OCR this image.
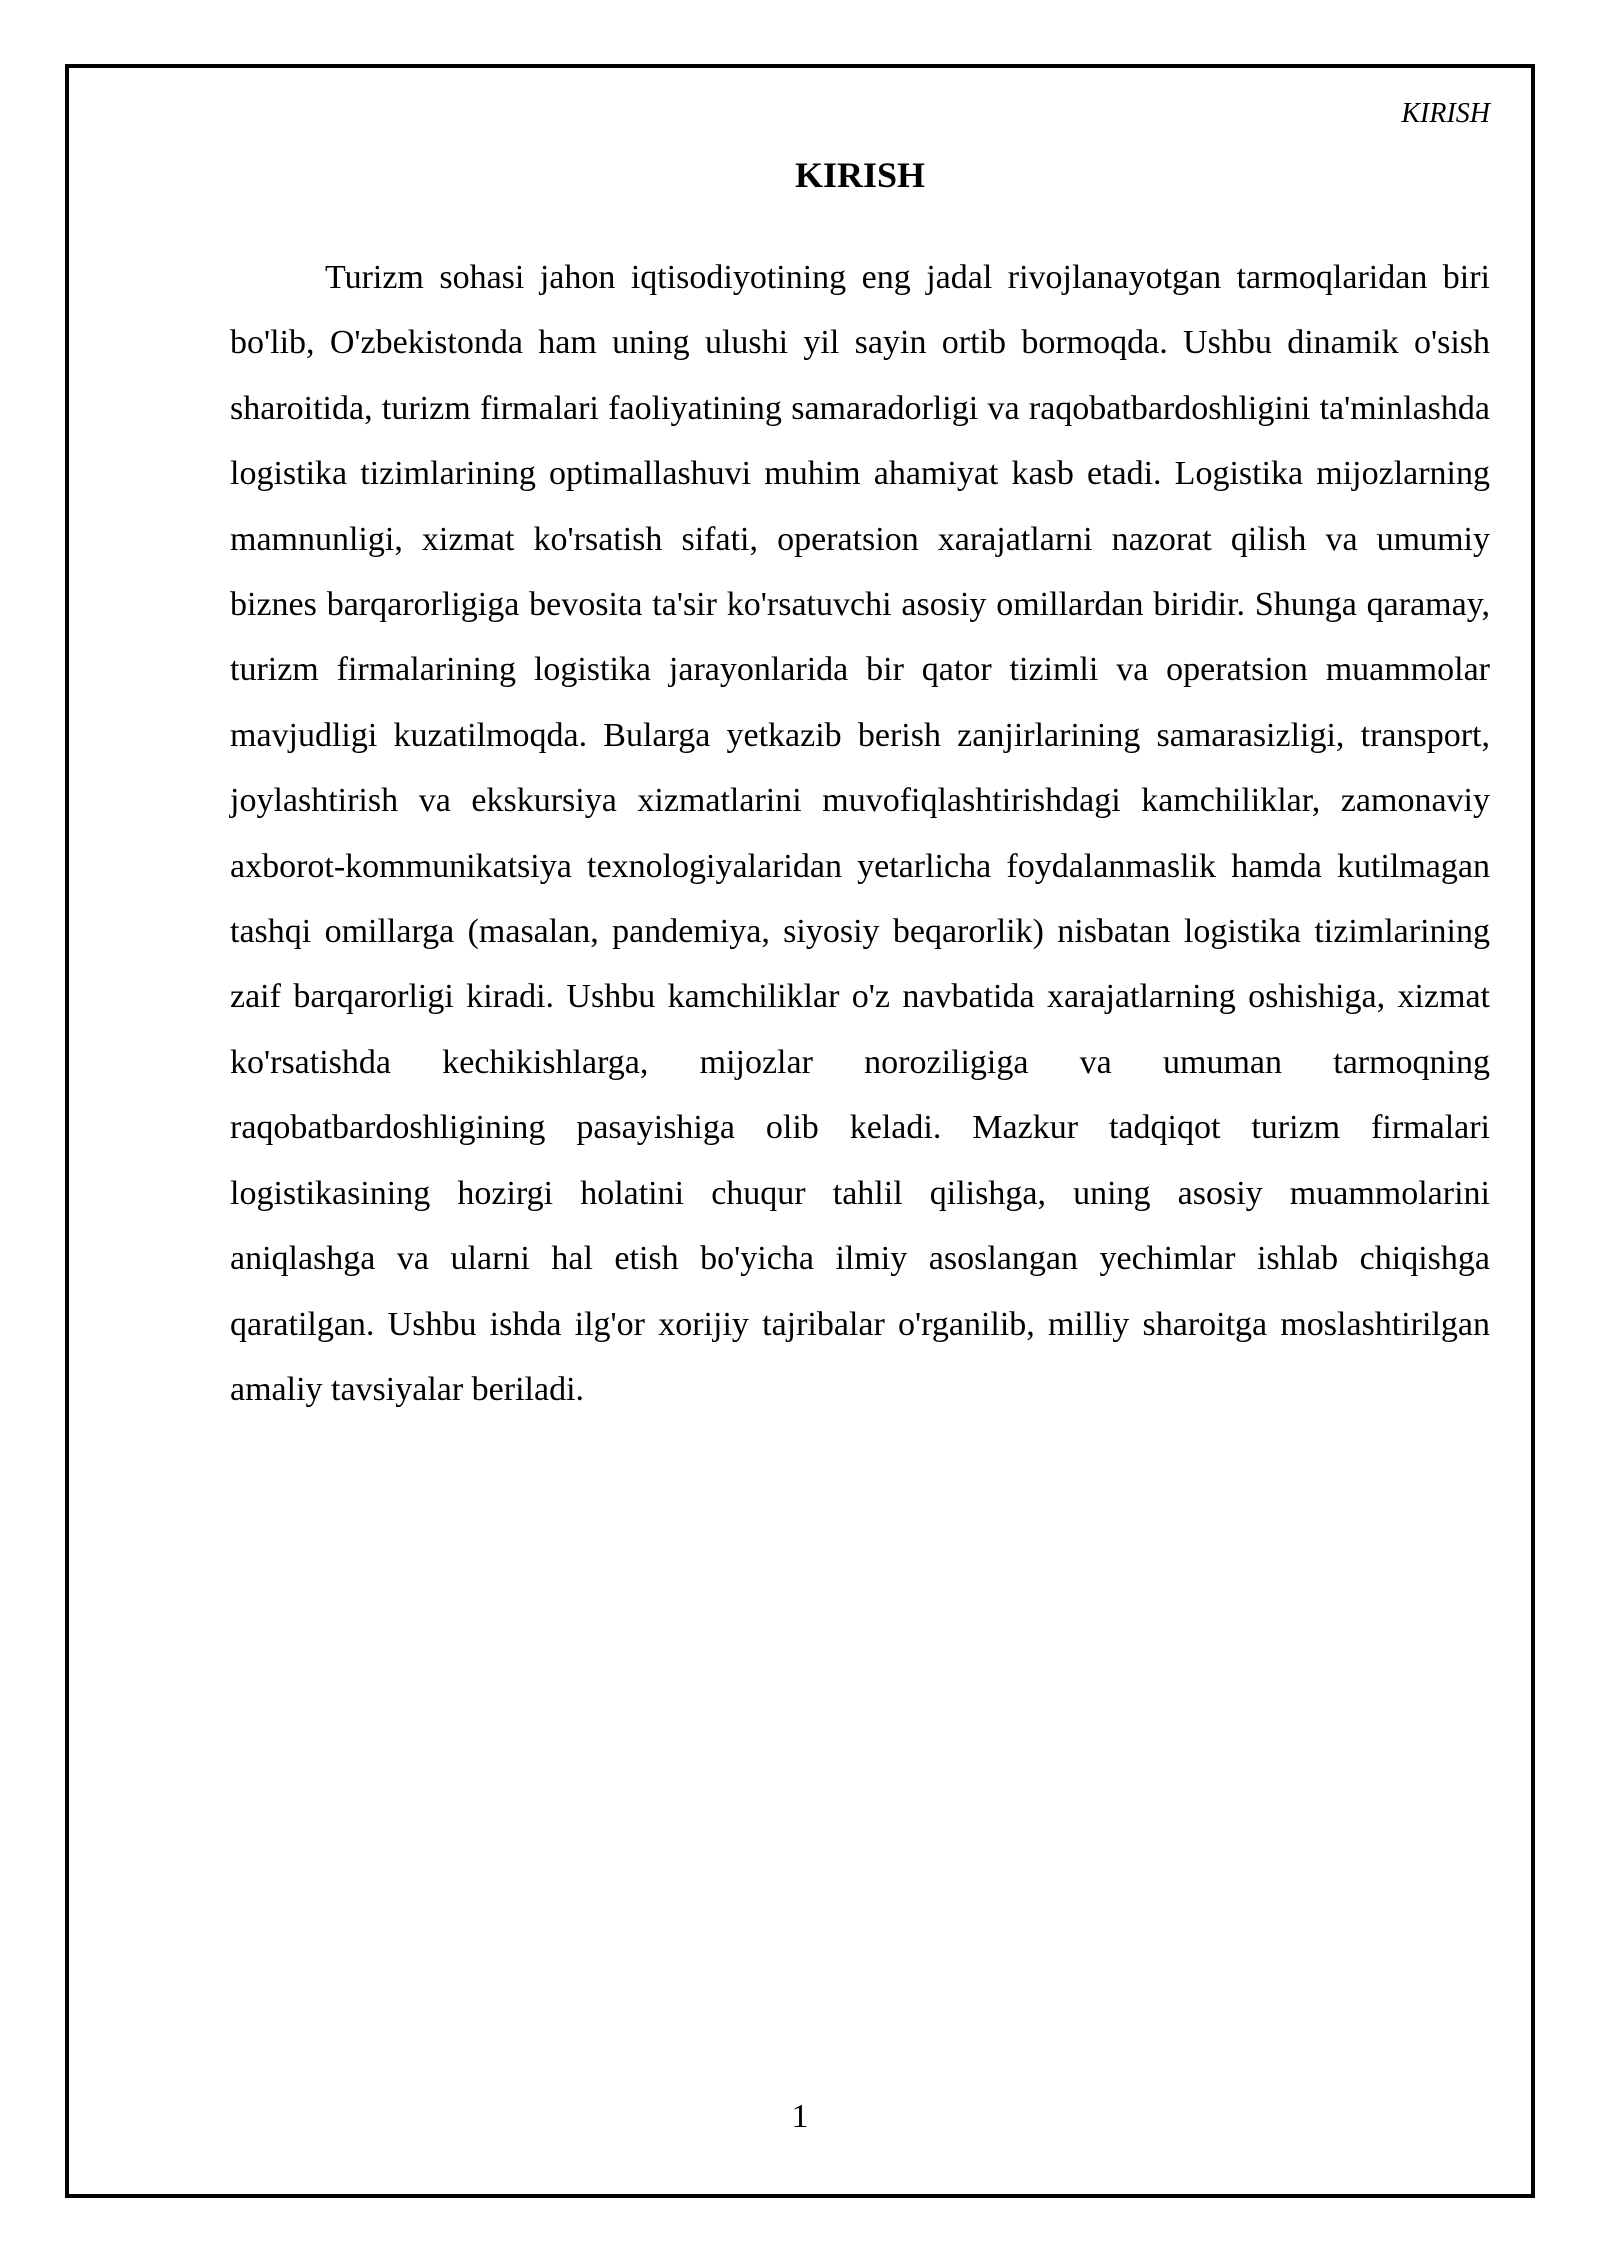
KIRISH
KIRISH

Turizm sohasi jahon iqtisodiyotining eng jadal rivojlanayotgan tarmoqlaridan biri bo'lib, O'zbekistonda ham uning ulushi yil sayin ortib bormoqda. Ushbu dinamik o'sish sharoitida, turizm firmalari faoliyatining samaradorligi va raqobatbardoshligini ta'minlashda logistika tizimlarining optimallashuvi muhim ahamiyat kasb etadi. Logistika mijozlarning mamnunligi, xizmat ko'rsatish sifati, operatsion xarajatlarni nazorat qilish va umumiy biznes barqarorligiga bevosita ta'sir ko'rsatuvchi asosiy omillardan biridir. Shunga qaramay, turizm firmalarining logistika jarayonlarida bir qator tizimli va operatsion muammolar mavjudligi kuzatilmoqda. Bularga yetkazib berish zanjirlarining samarasizligi, transport, joylashtirish va ekskursiya xizmatlarini muvofiqlashtirishdagi kamchiliklar, zamonaviy axborot-kommunikatsiya texnologiyalaridan yetarlicha foydalanmaslik hamda kutilmagan tashqi omillarga (masalan, pandemiya, siyosiy beqarorlik) nisbatan logistika tizimlarining zaif barqarorligi kiradi. Ushbu kamchiliklar o'z navbatida xarajatlarning oshishiga, xizmat ko'rsatishda kechikishlarga, mijozlar noroziligiga va umuman tarmoqning raqobatbardoshligining pasayishiga olib keladi. Mazkur tadqiqot turizm firmalari logistikasining hozirgi holatini chuqur tahlil qilishga, uning asosiy muammolarini aniqlashga va ularni hal etish bo'yicha ilmiy asoslangan yechimlar ishlab chiqishga qaratilgan. Ushbu ishda ilg'or xorijiy tajribalar o'rganilib, milliy sharoitga moslashtirilgan amaliy tavsiyalar beriladi.

1
